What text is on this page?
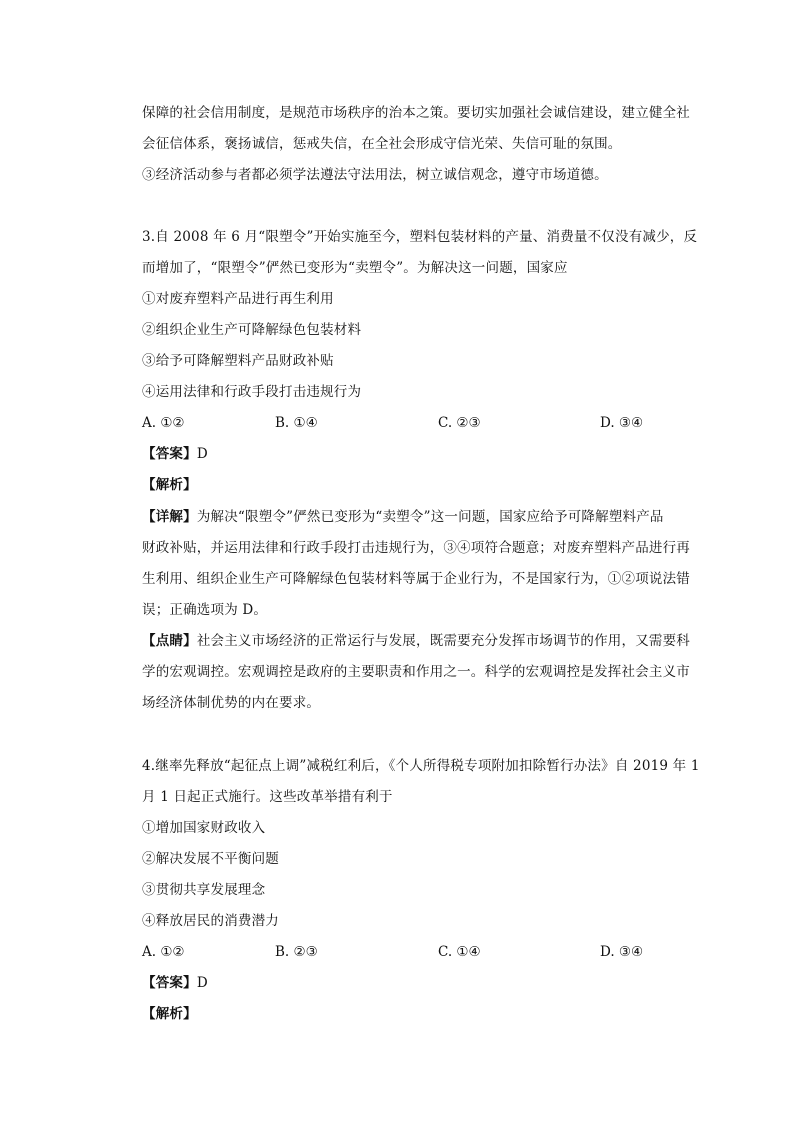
保障的社会信用制度，是规范市场秩序的治本之策。要切实加强社会诚信建设，建立健全社
会征信体系，褒扬诚信，惩戒失信，在全社会形成守信光荣、失信可耻的氛围。
③经济活动参与者都必须学法遵法守法用法，树立诚信观念，遵守市场道德。
3.自 2008 年 6 月“限塑令”开始实施至今，塑料包装材料的产量、消费量不仅没有减少，反
而增加了，“限塑令”俨然已变形为“卖塑令”。为解决这一问题，国家应
①对废弃塑料产品进行再生利用
②组织企业生产可降解绿色包装材料
③给予可降解塑料产品财政补贴
④运用法律和行政手段打击违规行为
A. ①②	B. ①④	C. ②③	D. ③④
【答案】D
【解析】
【详解】为解决“限塑令”俨然已变形为“卖塑令”这一问题，国家应给予可降解塑料产品
财政补贴，并运用法律和行政手段打击违规行为，③④项符合题意；对废弃塑料产品进行再
生利用、组织企业生产可降解绿色包装材料等属于企业行为，不是国家行为，①②项说法错
误；正确选项为 D。
【点睛】社会主义市场经济的正常运行与发展，既需要充分发挥市场调节的作用，又需要科
学的宏观调控。宏观调控是政府的主要职责和作用之一。科学的宏观调控是发挥社会主义市
场经济体制优势的内在要求。
4.继率先释放“起征点上调”减税红利后，《个人所得税专项附加扣除暂行办法》自 2019 年 1
月 1 日起正式施行。这些改革举措有利于
①增加国家财政收入
②解决发展不平衡问题
③贯彻共享发展理念
④释放居民的消费潜力
A. ①②	B. ②③	C. ①④	D. ③④
【答案】D
【解析】
